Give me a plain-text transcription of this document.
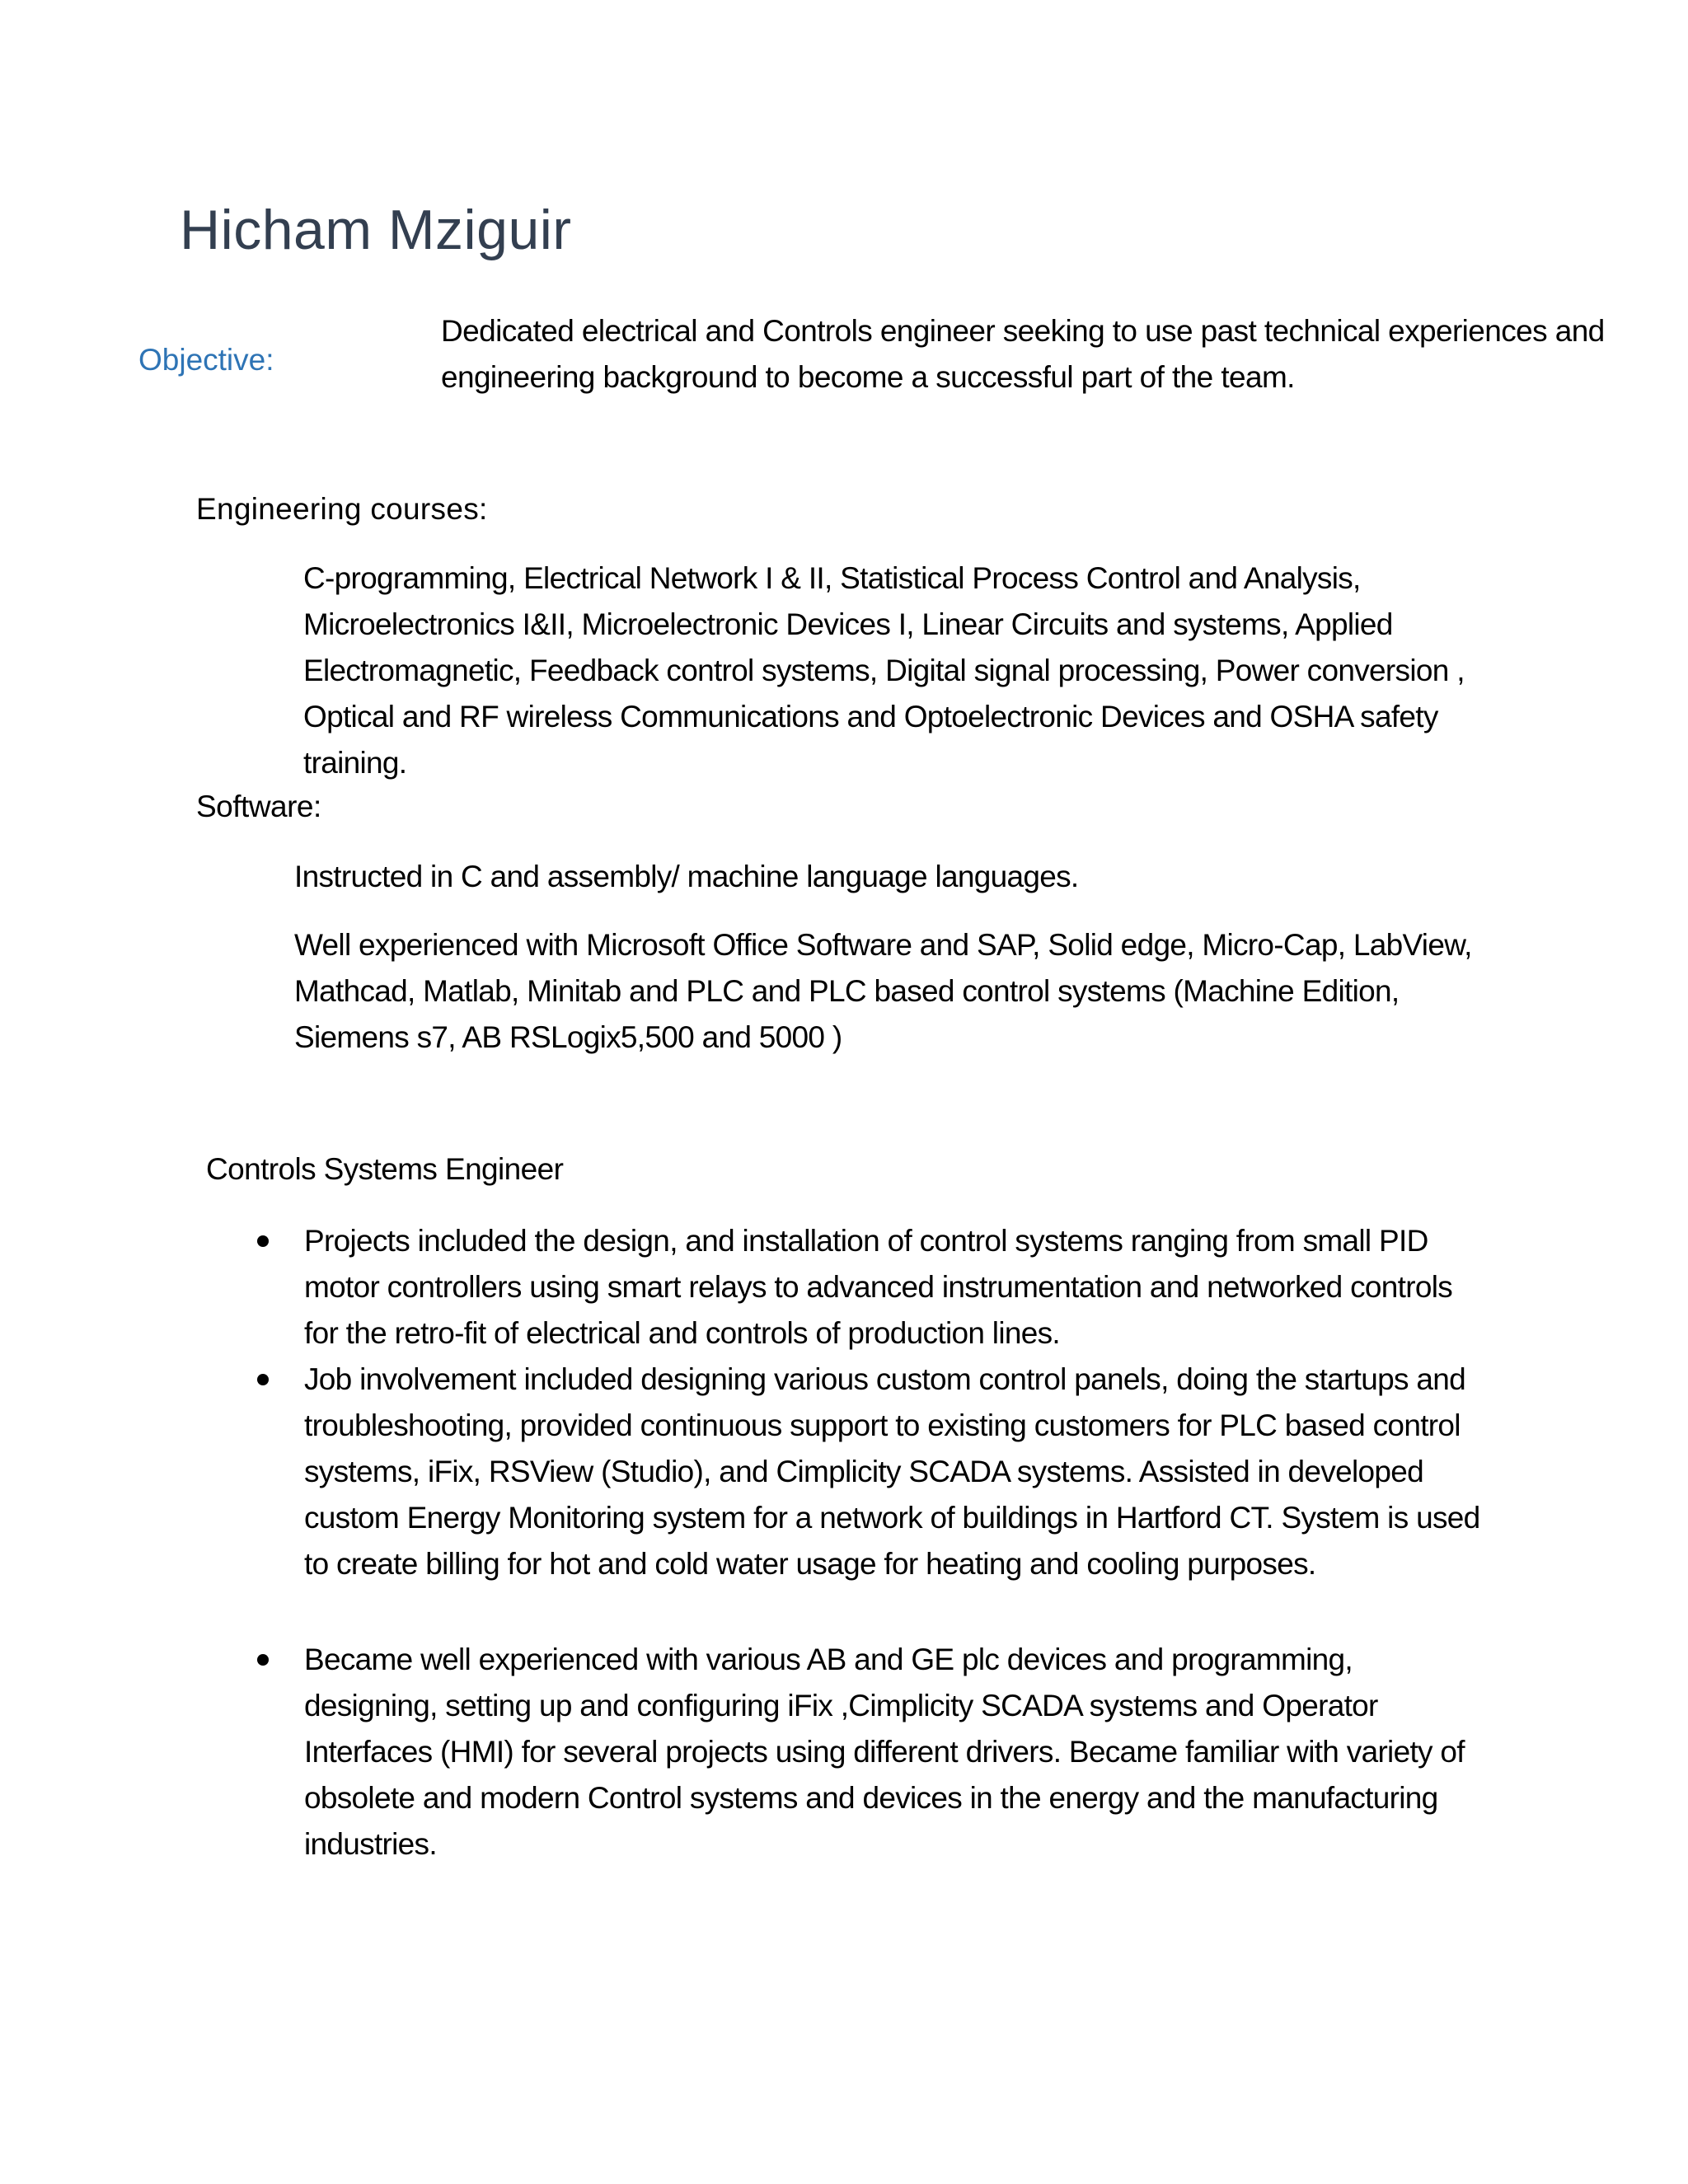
Hicham Mziguir
Objective:
Dedicated electrical and Controls engineer seeking to use past technical experiences and engineering background to become a successful part of the team.
Engineering courses:
C-programming, Electrical Network I & II, Statistical Process Control and Analysis, Microelectronics I&II, Microelectronic Devices I, Linear Circuits and systems, Applied Electromagnetic, Feedback control systems, Digital signal processing, Power conversion , Optical and RF wireless Communications and Optoelectronic Devices and OSHA safety training.
Software:
Instructed in C and assembly/ machine language languages.
Well experienced with Microsoft Office Software and SAP, Solid edge, Micro-Cap, LabView, Mathcad, Matlab, Minitab and PLC and PLC based control systems (Machine Edition, Siemens s7, AB RSLogix5,500 and 5000 )
Controls Systems Engineer
Projects included the design, and installation of control systems ranging from small PID motor controllers using smart relays to advanced instrumentation and networked controls for the retro-fit of electrical and controls of production lines.
Job involvement included designing various custom control panels, doing the startups and troubleshooting, provided continuous support to existing customers for PLC based control systems, iFix, RSView (Studio), and Cimplicity SCADA systems. Assisted in developed custom Energy Monitoring system for a network of buildings in Hartford CT. System is used to create billing for hot and cold water usage for heating and cooling purposes.
Became well experienced with various AB and GE plc devices and programming, designing, setting up and configuring iFix ,Cimplicity SCADA systems and Operator Interfaces (HMI) for several projects using different drivers. Became familiar with variety of obsolete and modern Control systems and devices in the energy and the manufacturing industries.
